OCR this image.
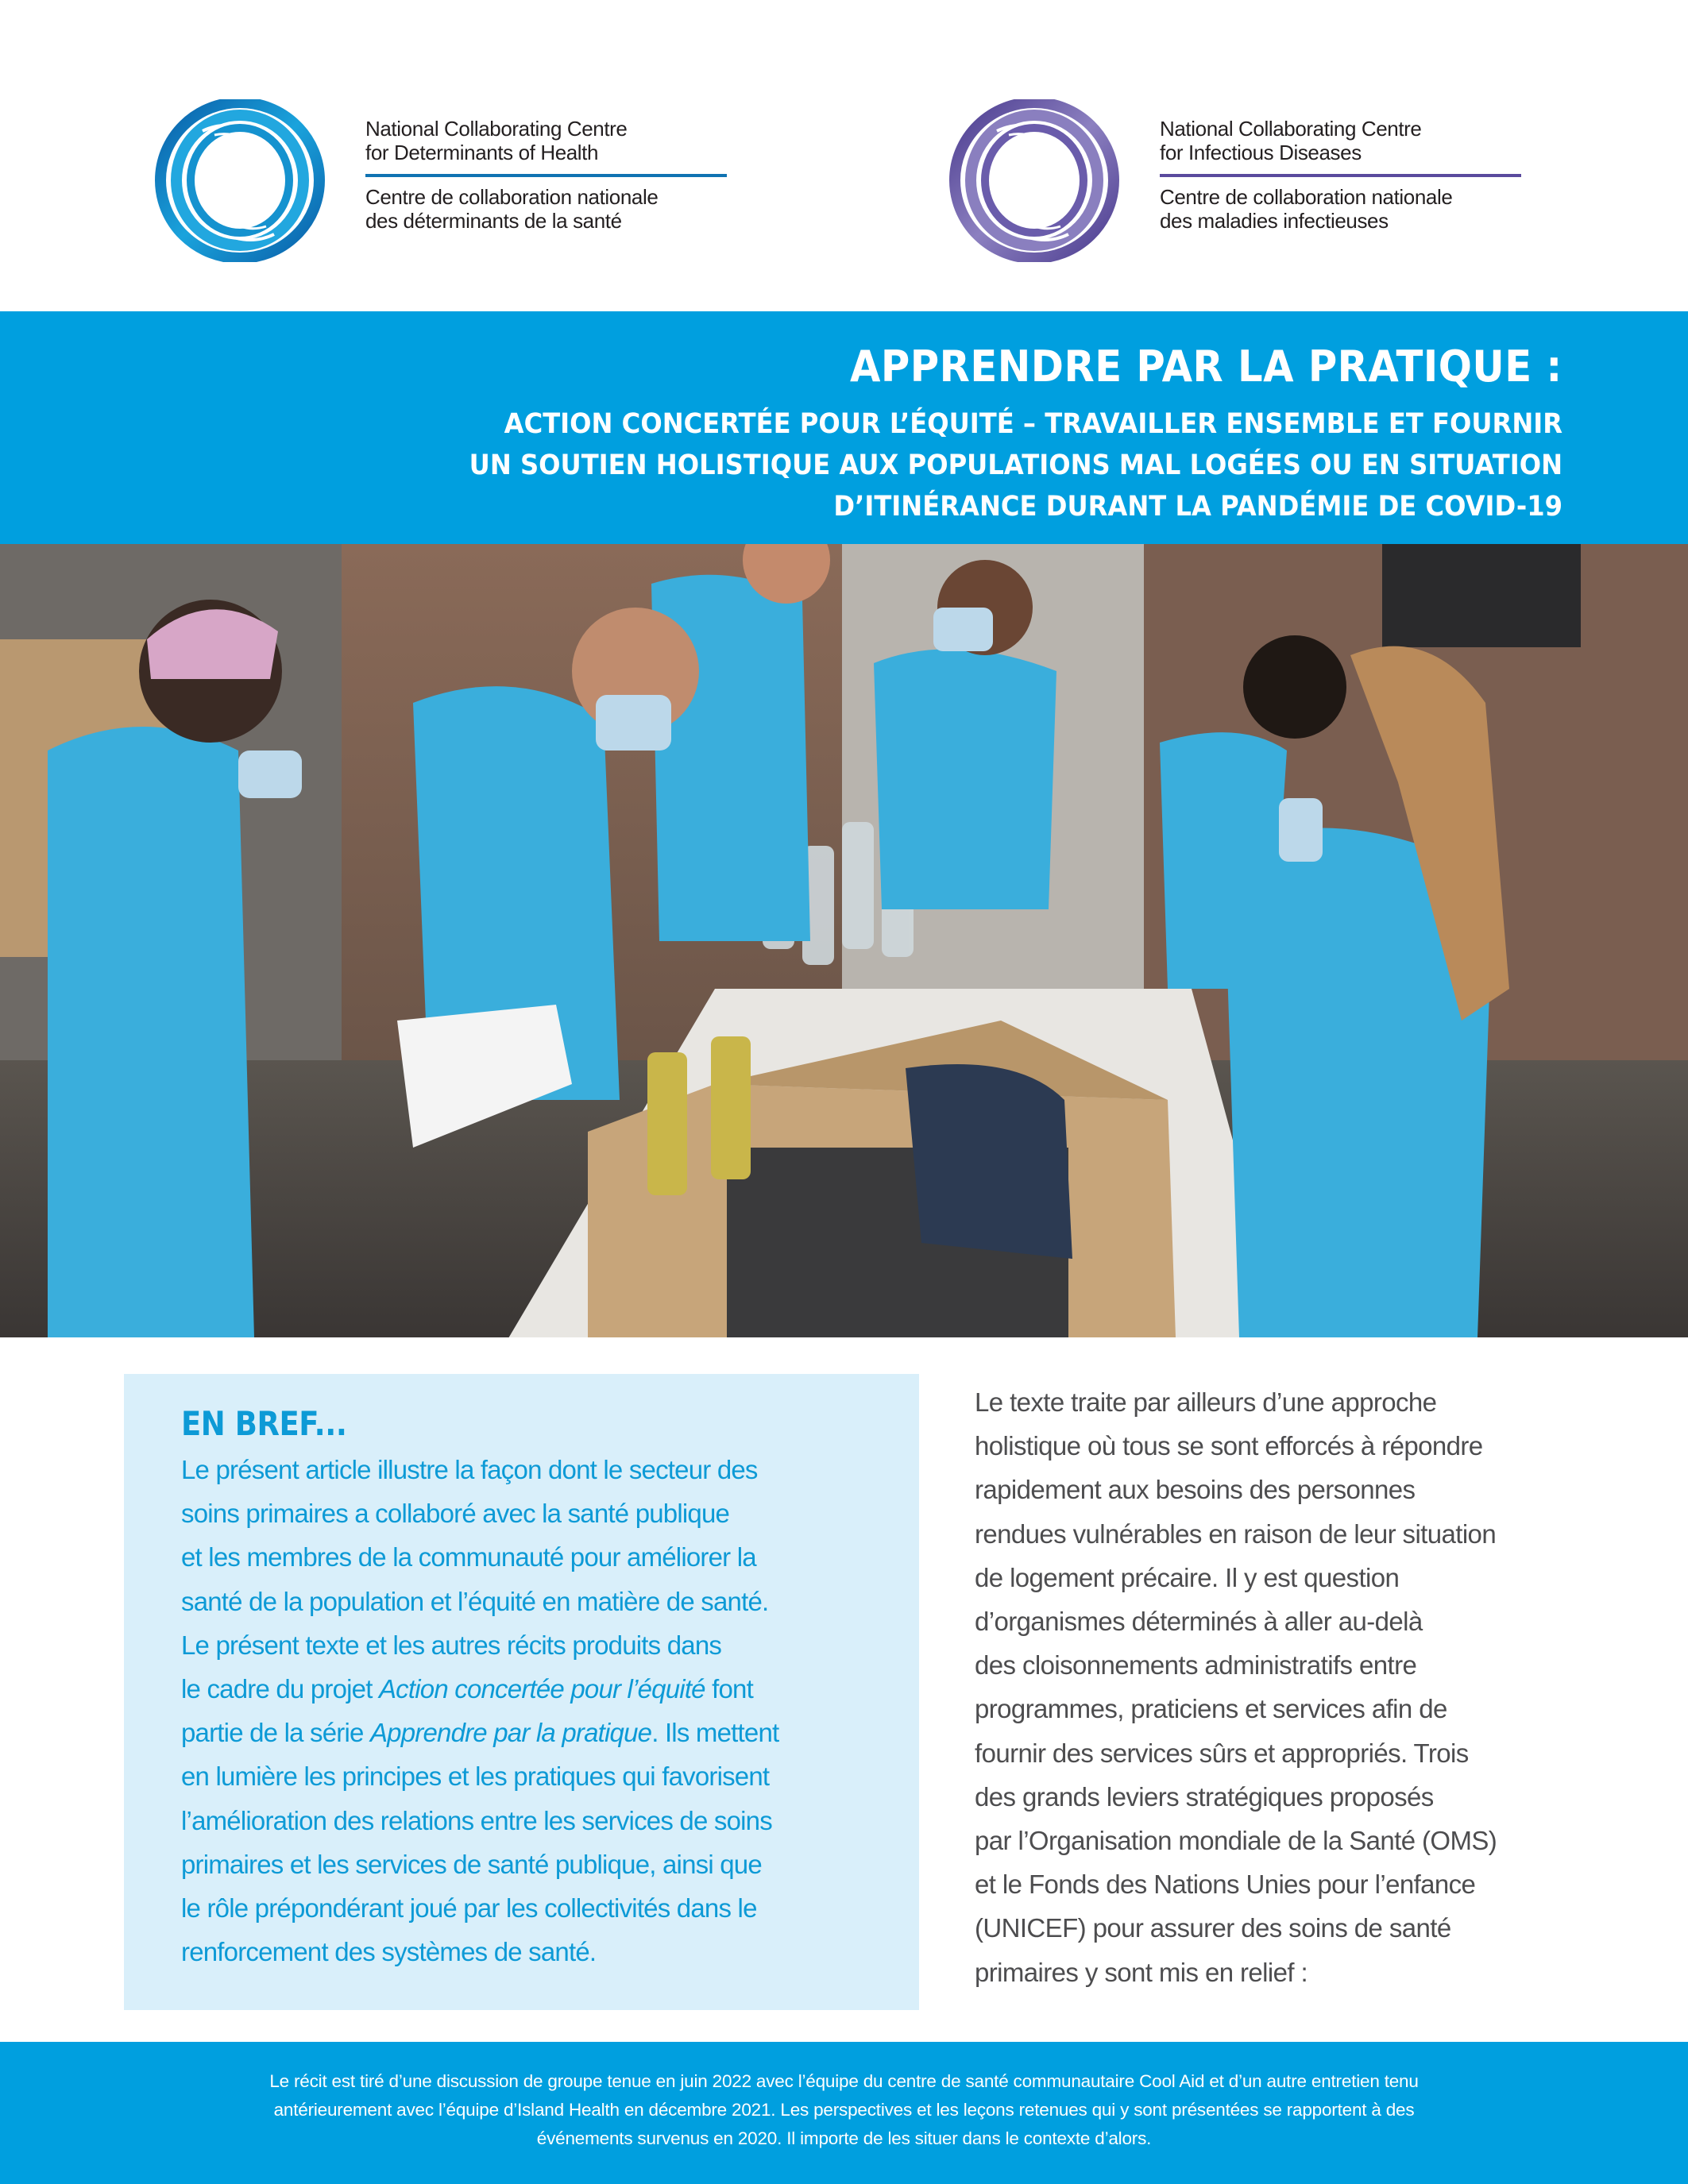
National Collaborating Centre
for Determinants of Health
Centre de collaboration nationale
des déterminants de la santé
National Collaborating Centre
for Infectious Diseases
Centre de collaboration nationale
des maladies infectieuses
APPRENDRE PAR LA PRATIQUE :
ACTION CONCERTÉE POUR L’ÉQUITÉ – TRAVAILLER ENSEMBLE ET FOURNIR
UN SOUTIEN HOLISTIQUE AUX POPULATIONS MAL LOGÉES OU EN SITUATION
D’ITINÉRANCE DURANT LA PANDÉMIE DE COVID-19
EN BREF...
Le présent article illustre la façon dont le secteur des
soins primaires a collaboré avec la santé publique
et les membres de la communauté pour améliorer la
santé de la population et l’équité en matière de santé.
Le présent texte et les autres récits produits dans
le cadre du projet Action concertée pour l’équité font
partie de la série Apprendre par la pratique. Ils mettent
en lumière les principes et les pratiques qui favorisent
l’amélioration des relations entre les services de soins
primaires et les services de santé publique, ainsi que
le rôle prépondérant joué par les collectivités dans le
renforcement des systèmes de santé.
Le texte traite par ailleurs d’une approche
holistique où tous se sont efforcés à répondre
rapidement aux besoins des personnes
rendues vulnérables en raison de leur situation
de logement précaire. Il y est question
d’organismes déterminés à aller au-delà
des cloisonnements administratifs entre
programmes, praticiens et services afin de
fournir des services sûrs et appropriés. Trois
des grands leviers stratégiques proposés
par l’Organisation mondiale de la Santé (OMS)
et le Fonds des Nations Unies pour l’enfance
(UNICEF) pour assurer des soins de santé
primaires y sont mis en relief :
Le récit est tiré d’une discussion de groupe tenue en juin 2022 avec l’équipe du centre de santé communautaire Cool Aid et d’un autre entretien tenu
antérieurement avec l’équipe d’Island Health en décembre 2021. Les perspectives et les leçons retenues qui y sont présentées se rapportent à des
événements survenus en 2020. Il importe de les situer dans le contexte d’alors.
